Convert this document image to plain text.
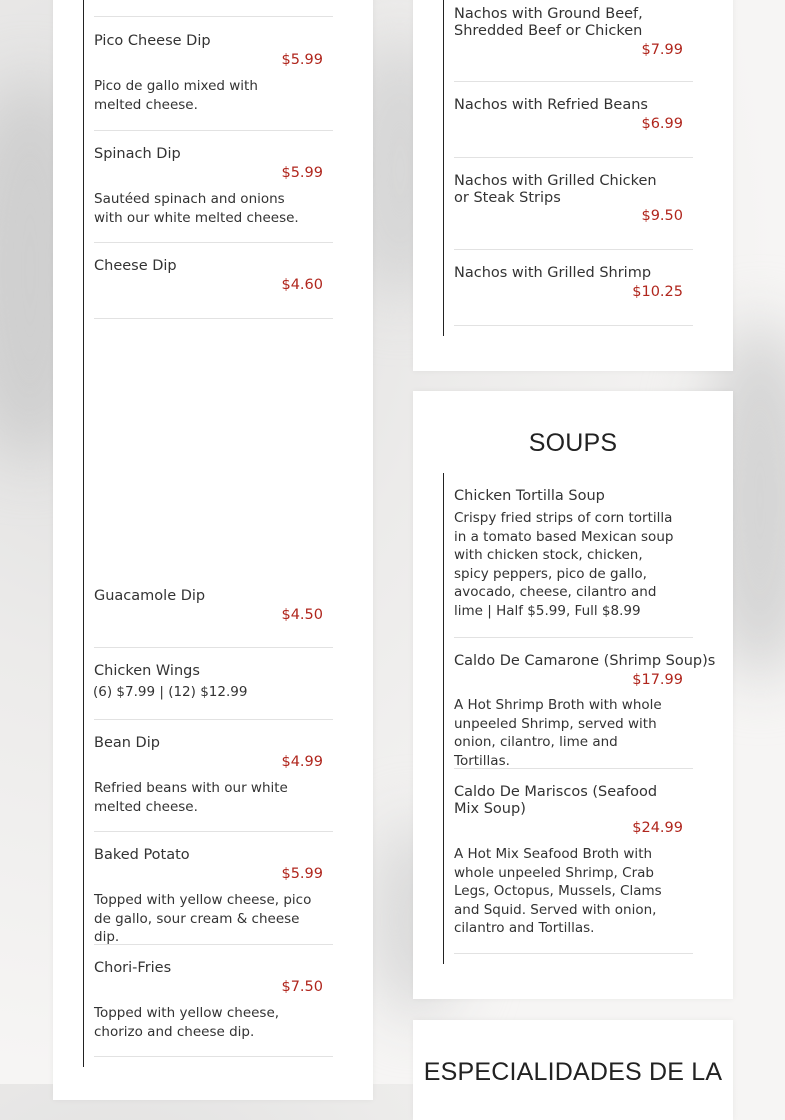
Pico Cheese Dip
$5.99
Pico de gallo mixed with melted cheese.
Spinach Dip
$5.99
Sautéed spinach and onions with our white melted cheese.
Cheese Dip
$4.60
Guacamole Dip
$4.50
Chicken Wings
(6) $7.99 | (12) $12.99
Bean Dip
$4.99
Refried beans with our white melted cheese.
Baked Potato
$5.99
Topped with yellow cheese, pico de gallo, sour cream & cheese dip.
Chori-Fries
$7.50
Topped with yellow cheese, chorizo and cheese dip.
Nachos with Ground Beef, Shredded Beef or Chicken
$7.99
Nachos with Refried Beans
$6.99
Nachos with Grilled Chicken or Steak Strips
$9.50
Nachos with Grilled Shrimp
$10.25
SOUPS
Chicken Tortilla Soup
Crispy fried strips of corn tortilla in a tomato based Mexican soup with chicken stock, chicken, spicy peppers, pico de gallo, avocado, cheese, cilantro and lime | Half $5.99, Full $8.99
Caldo De Camarone (Shrimp Soup)s
$17.99
A Hot Shrimp Broth with whole unpeeled Shrimp, served with onion, cilantro, lime and Tortillas.
Caldo De Mariscos (Seafood Mix Soup)
$24.99
A Hot Mix Seafood Broth with whole unpeeled Shrimp, Crab Legs, Octopus, Mussels, Clams and Squid. Served with onion, cilantro and Tortillas.
ESPECIALIDADES DE LA
